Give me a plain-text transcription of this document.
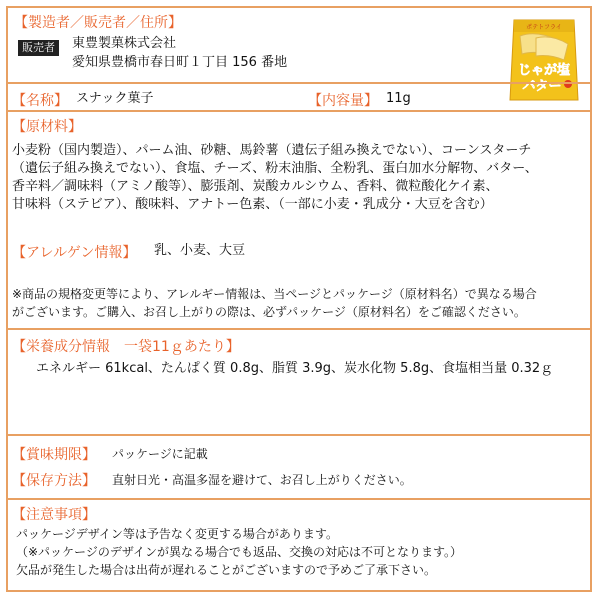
【製造者／販売者／住所】
販売者	東豊製菓株式会社
愛知県豊橋市春日町１丁目 156 番地
ポテトフライ
じゃが塩
バター
【名称】 スナック菓子	【内容量】 11g
【原材料】
小麦粉（国内製造）、パーム油、砂糖、馬鈴薯（遺伝子組み換えでない）、コーンスターチ
（遺伝子組み換えでない）、食塩、チーズ、粉末油脂、全粉乳、蛋白加水分解物、バター、
香辛料／調味料（アミノ酸等）、膨張剤、炭酸カルシウム、香料、微粒酸化ケイ素、
甘味料（ステビア）、酸味料、アナトー色素、（一部に小麦・乳成分・大豆を含む）
【アレルゲン情報】 乳、小麦、大豆
※商品の規格変更等により、アレルギー情報は、当ページとパッケージ（原材料名）で異なる場合
がございます。ご購入、お召し上がりの際は、必ずパッケージ（原材料名）をご確認ください。
【栄養成分情報　一袋11ｇあたり】
エネルギー 61kcal、たんぱく質 0.8g、脂質 3.9g、炭水化物 5.8g、食塩相当量 0.32ｇ
【賞味期限】 パッケージに記載
【保存方法】 直射日光・高温多湿を避けて、お召し上がりください。
【注意事項】
パッケージデザイン等は予告なく変更する場合があります。
（※パッケージのデザインが異なる場合でも返品、交換の対応は不可となります。）
欠品が発生した場合は出荷が遅れることがございますので予めご了承下さい。
